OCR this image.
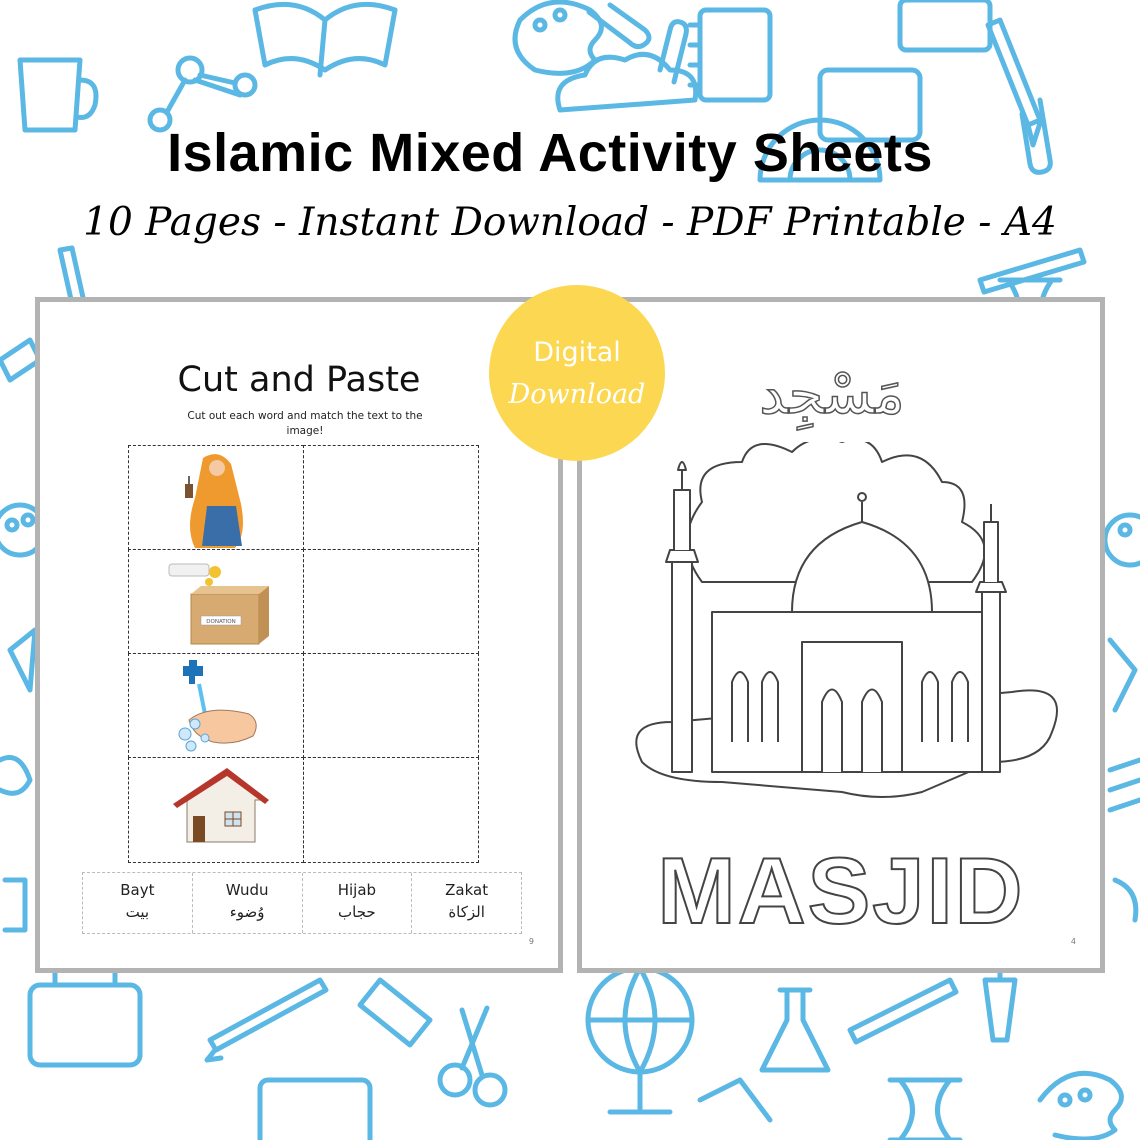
Islamic Mixed Activity Sheets
10 Pages - Instant Download - PDF Printable - A4
Cut and Paste
Cut out each word and match the text to the image!
DONATION
Bayt
بيت
Wudu
وُضوء
Hijab
حجاب
Zakat
الزكاة
9
مَسْجِد
MASJID	4
Digital
Download
